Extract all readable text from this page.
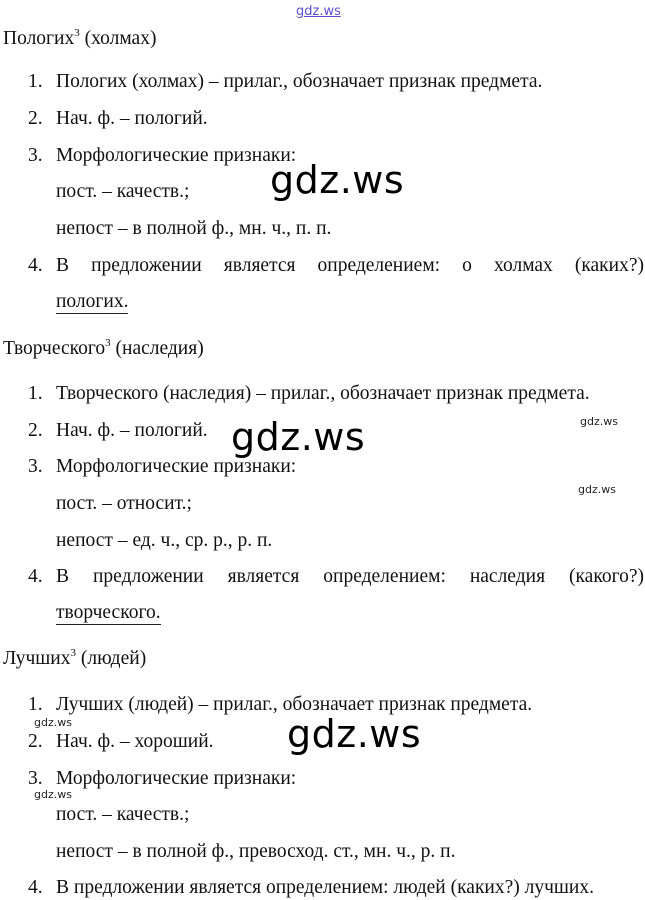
gdz.ws

Пологих$^3$ (холмах)

1. Пологих (холмах) – прилаг., обозначает признак предмета.
2. Нач. ф. – пологий.
3. Морфологические признаки:
пост. – качеств.;
непост – в полной ф., мн. ч., п. п.
4. В предложении является определением: о холмах (каких?)
пологих.

Творческого$^3$ (наследия)

1. Творческого (наследия) – прилаг., обозначает признак предмета.
2. Нач. ф. – пологий.
3. Морфологические признаки:
пост. – относит.;
непост – ед. ч., ср. р., р. п.
4. В предложении является определением: наследия (какого?)
творческого.

Лучших$^3$ (людей)

1. Лучших (людей) – прилаг., обозначает признак предмета.
2. Нач. ф. – хороший.
3. Морфологические признаки:
пост. – качеств.;
непост – в полной ф., превосход. ст., мн. ч., р. п.
4. В предложении является определением: людей (каких?) лучших.
gdz.ws
gdz.ws
gdz.ws
gdz.ws
gdz.ws
gdz.ws
gdz.ws
